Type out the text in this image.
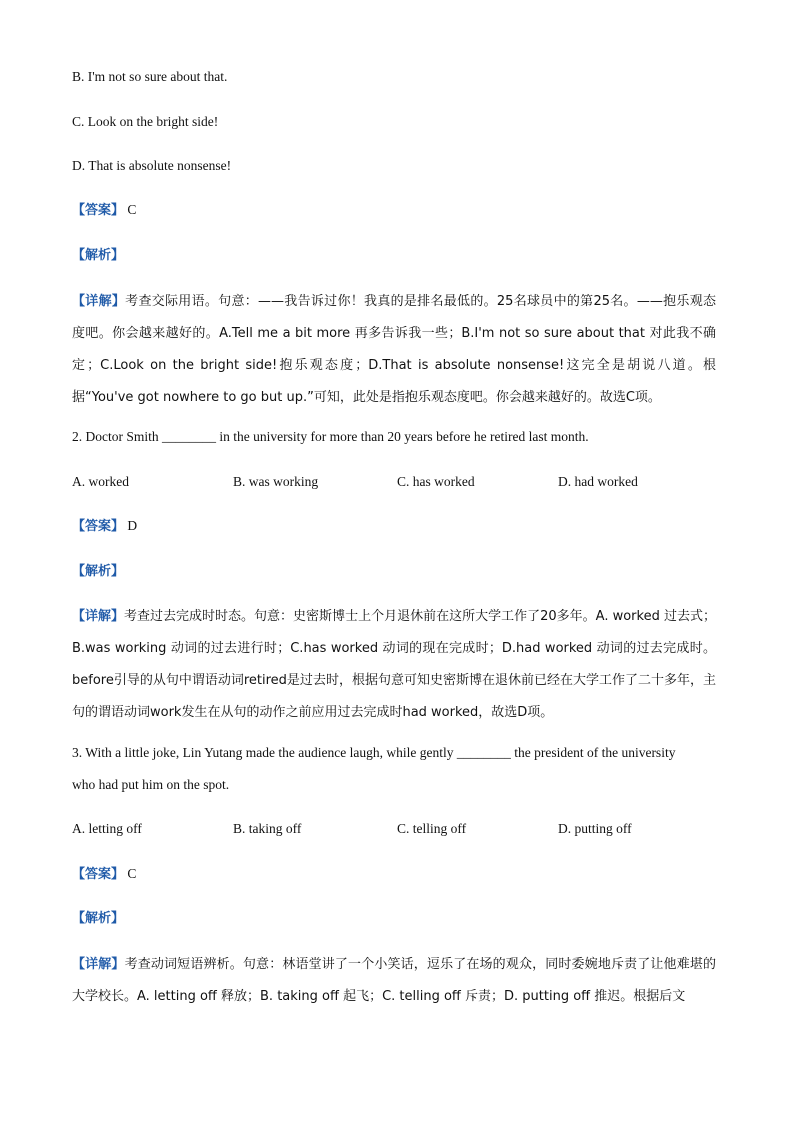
B. I'm not so sure about that.
C. Look on the bright side!
D. That is absolute nonsense!
【答案】 C
【解析】
【详解】考查交际用语。句意：——我告诉过你！我真的是排名最低的。25名球员中的第25名。——抱乐观态度吧。你会越来越好的。A.Tell me a bit more 再多告诉我一些；B.I'm not so sure about that 对此我不确定；C.Look on the bright side!抱乐观态度；D.That is absolute nonsense!这完全是胡说八道。根据“You've got nowhere to go but up.”可知，此处是指抱乐观态度吧。你会越来越好的。故选C项。
2. Doctor Smith ________ in the university for more than 20 years before he retired last month.
A. worked	B. was working	C. has worked	D. had worked
【答案】 D
【解析】
【详解】考查过去完成时时态。句意：史密斯博士上个月退休前在这所大学工作了20多年。A. worked 过去式；B.was working 动词的过去进行时；C.has worked 动词的现在完成时；D.had worked 动词的过去完成时。before引导的从句中谓语动词retired是过去时，根据句意可知史密斯博在退休前已经在大学工作了二十多年，主句的谓语动词work发生在从句的动作之前应用过去完成时had worked，故选D项。
3. With a little joke, Lin Yutang made the audience laugh, while gently ________ the president of the university
who had put him on the spot.
A. letting off	B. taking off	C. telling off	D. putting off
【答案】 C
【解析】
【详解】考查动词短语辨析。句意：林语堂讲了一个小笑话，逗乐了在场的观众，同时委婉地斥责了让他难堪的大学校长。A. letting off 释放；B. taking off 起飞；C. telling off 斥责；D. putting off 推迟。根据后文
